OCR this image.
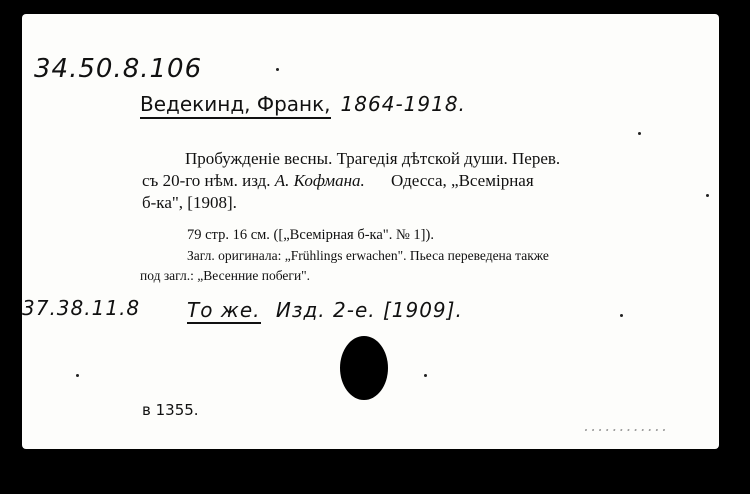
34.50.8.106
Ведекинд, Франк, 1864-1918.
Пробужденіе весны. Трагедія дѣтской души. Перев.
съ 20-го нѣм. изд. А. Кофмана. Одесса, „Всемірная
б-ка", [1908].
79 стр. 16 см. ([„Всемірная б-ка". № 1]).
Загл. оригинала: „Frühlings erwachen". Пьеса переведена также
под загл.: „Весенние побеги".
37.38.11.8 То же. Изд. 2-е. [1909].
в 1355.
............
